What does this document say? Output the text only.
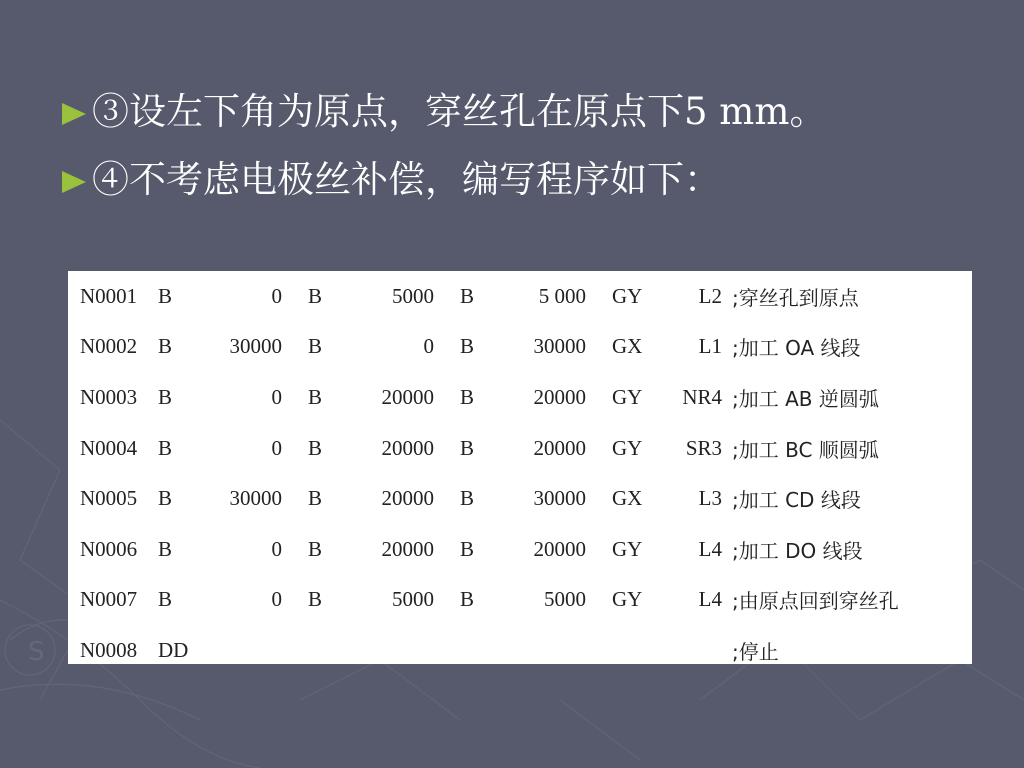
S
③设左下角为原点，穿丝孔在原点下5 mm。
④不考虑电极丝补偿，编写程序如下：
N0001	B	0	B	5000	B	5 000	GY	L2	;穿丝孔到原点
N0002	B	30000	B	0	B	30000	GX	L1	;加工 OA 线段
N0003	B	0	B	20000	B	20000	GY	NR4	;加工 AB 逆圆弧
N0004	B	0	B	20000	B	20000	GY	SR3	;加工 BC 顺圆弧
N0005	B	30000	B	20000	B	30000	GX	L3	;加工 CD 线段
N0006	B	0	B	20000	B	20000	GY	L4	;加工 DO 线段
N0007	B	0	B	5000	B	5000	GY	L4	;由原点回到穿丝孔
N0008	DD								;停止
